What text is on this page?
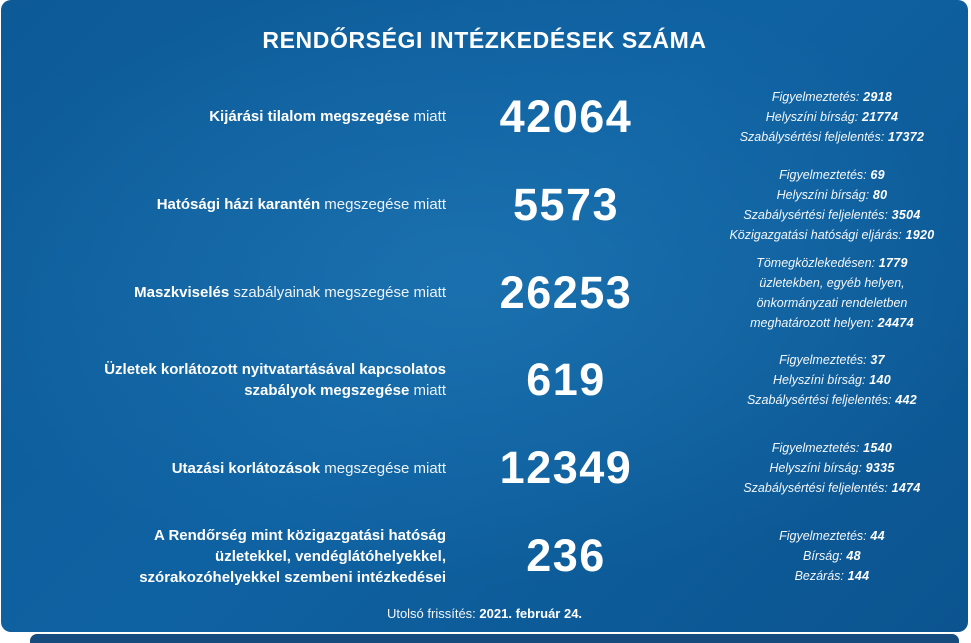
RENDŐRSÉGI INTÉZKEDÉSEK SZÁMA
Kijárási tilalom megszegése miatt	42064	Figyelmeztetés: 2918
Helyszíni bírság: 21774
Szabálysértési feljelentés: 17372
Hatósági házi karantén megszegése miatt	5573
Figyelmeztetés: 69
Helyszíni bírság: 80
Szabálysértési feljelentés: 3504
Közigazgatási hatósági eljárás: 1920
Maszkviselés szabályainak megszegése miatt	26253
Tömegközlekedésen: 1779
üzletekben, egyéb helyen,
önkormányzati rendeletben
meghatározott helyen: 24474
Üzletek korlátozott nyitvatartásával kapcsolatos szabályok megszegése miatt	619	Figyelmeztetés: 37
Helyszíni bírság: 140
Szabálysértési feljelentés: 442
Utazási korlátozások megszegése miatt	12349	Figyelmeztetés: 1540
Helyszíni bírság: 9335
Szabálysértési feljelentés: 1474
A Rendőrség mint közigazgatási hatóság üzletekkel, vendéglátóhelyekkel, szórakozóhelyekkel szembeni intézkedései	236	Figyelmeztetés: 44
Bírság: 48
Bezárás: 144
Utolsó frissítés: 2021. február 24.
